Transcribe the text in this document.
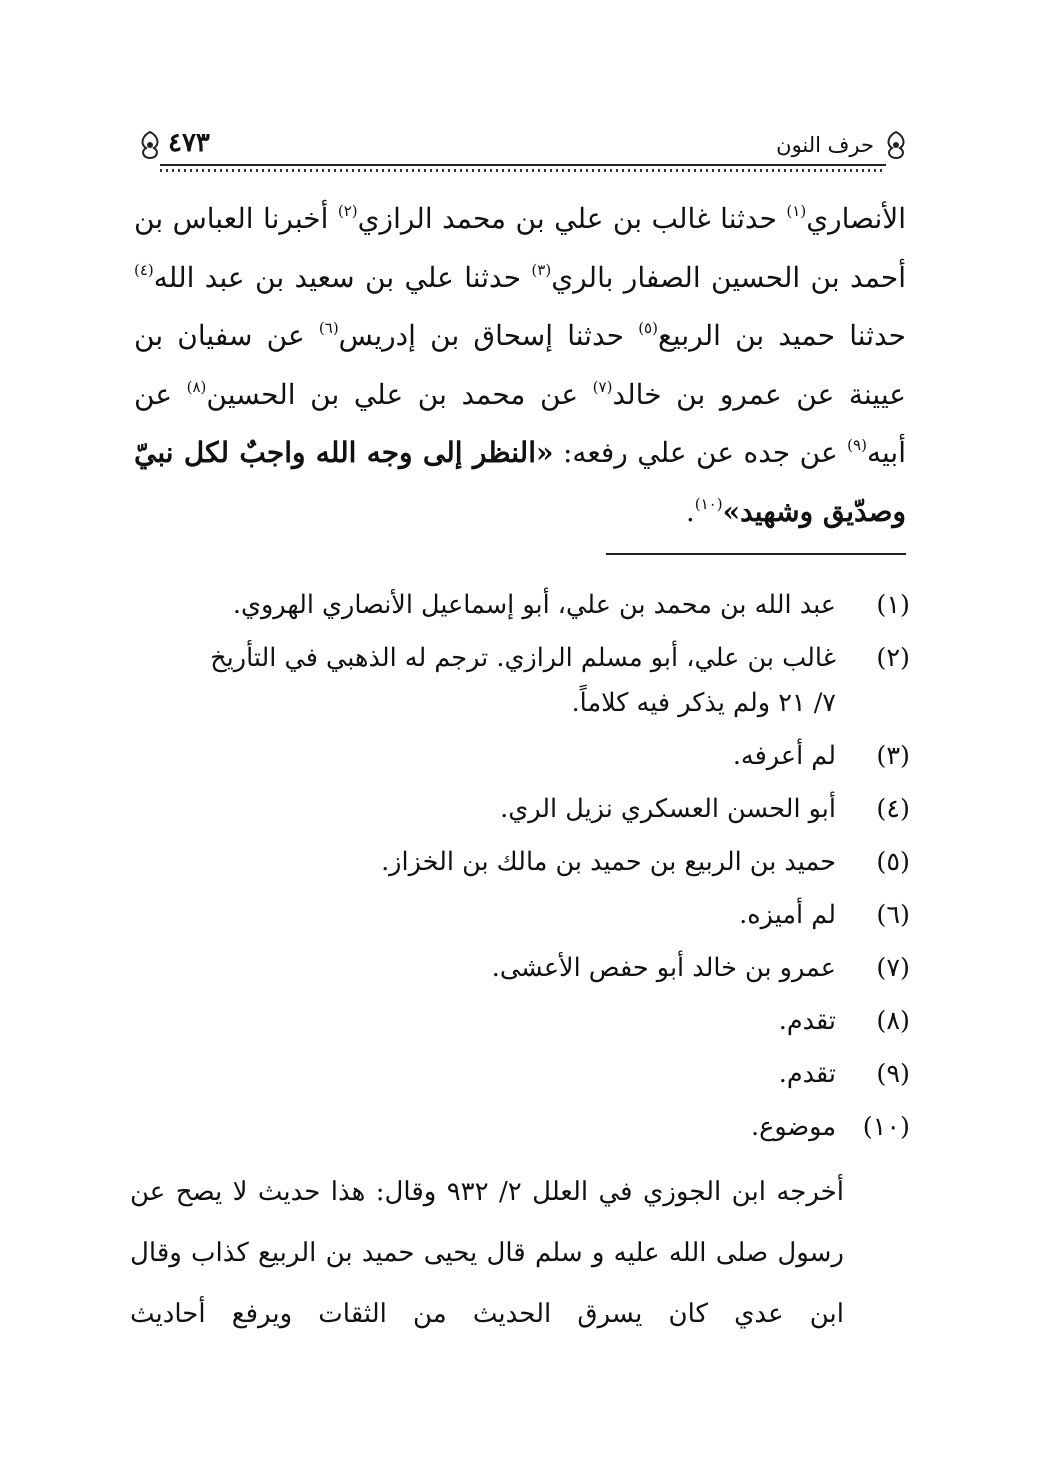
حرف النون
٤٧٣
الأنصاري$^{(١)}$ حدثنا غالب بن علي بن محمد الرازي$^{(٢)}$ أخبرنا العباس بن أحمد بن الحسين الصفار بالري$^{(٣)}$ حدثنا علي بن سعيد بن عبد الله$^{(٤)}$ حدثنا حميد بن الربيع$^{(٥)}$ حدثنا إسحاق بن إدريس$^{(٦)}$ عن سفيان بن عيينة عن عمرو بن خالد$^{(٧)}$ عن محمد بن علي بن الحسين$^{(٨)}$ عن أبيه$^{(٩)}$ عن جده عن علي رفعه: «النظر إلى وجه الله واجبٌ لكل نبيّ وصدّيق وشهيد»$^{(١٠)}$.
(١)
عبد الله بن محمد بن علي، أبو إسماعيل الأنصاري الهروي.
(٢)
غالب بن علي، أبو مسلم الرازي. ترجم له الذهبي في التأريخ
٧/ ٢١ ولم يذكر فيه كلاماً.
(٣)
لم أعرفه.
(٤)
أبو الحسن العسكري نزيل الري.
(٥)
حميد بن الربيع بن حميد بن مالك بن الخزاز.
(٦)
لم أميزه.
(٧)
عمرو بن خالد أبو حفص الأعشى.
(٨)
تقدم.
(٩)
تقدم.
(١٠)
موضوع.
أخرجه ابن الجوزي في العلل ٢/ ٩٣٢ وقال: هذا حديث لا يصح عن رسول صلى الله عليه و سلم قال يحيى حميد بن الربيع كذاب وقال ابن عدي كان يسرق الحديث من الثقات ويرفع أحاديث
